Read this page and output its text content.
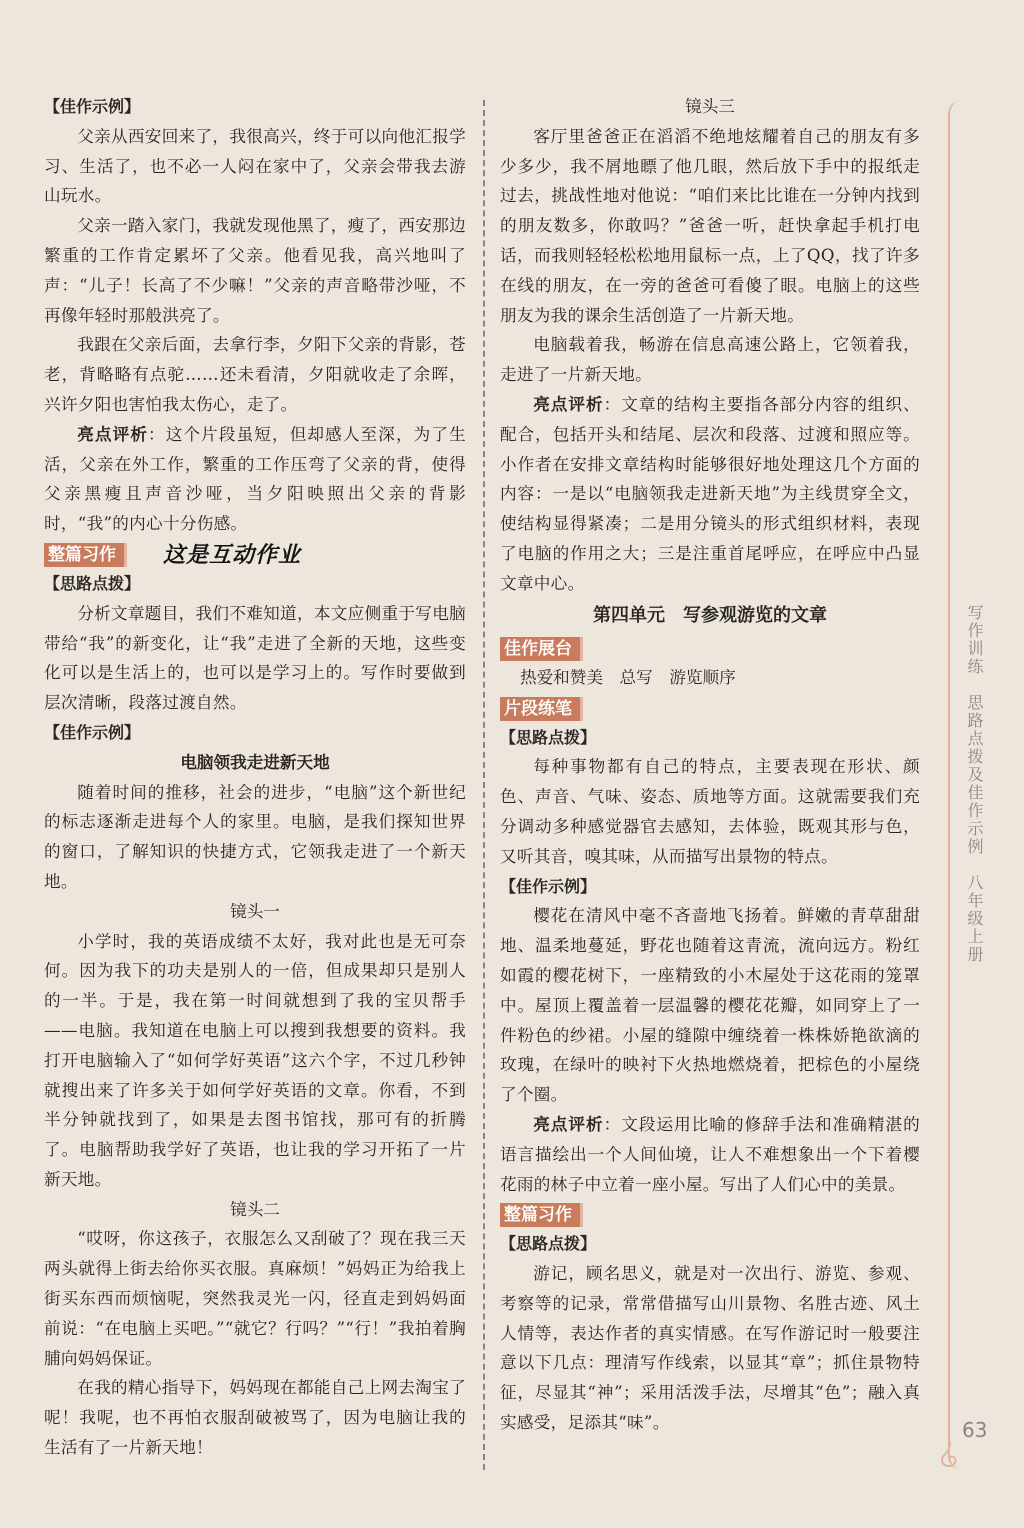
【佳作示例】

父亲从西安回来了，我很高兴，终于可以向他汇报学习、生活了，也不必一人闷在家中了，父亲会带我去游山玩水。

父亲一踏入家门，我就发现他黑了，瘦了，西安那边繁重的工作肯定累坏了父亲。他看见我，高兴地叫了声：“儿子！长高了不少嘛！”父亲的声音略带沙哑，不再像年轻时那般洪亮了。

我跟在父亲后面，去拿行李，夕阳下父亲的背影，苍老，背略略有点驼……还未看清，夕阳就收走了余晖，兴许夕阳也害怕我太伤心，走了。

亮点评析：这个片段虽短，但却感人至深，为了生活，父亲在外工作，繁重的工作压弯了父亲的背，使得父亲黑瘦且声音沙哑，当夕阳映照出父亲的背影时，“我”的内心十分伤感。

整篇习作	这是互动作业

【思路点拨】

分析文章题目，我们不难知道，本文应侧重于写电脑带给“我”的新变化，让“我”走进了全新的天地，这些变化可以是生活上的，也可以是学习上的。写作时要做到层次清晰，段落过渡自然。

【佳作示例】

电脑领我走进新天地

随着时间的推移，社会的进步，“电脑”这个新世纪的标志逐渐走进每个人的家里。电脑，是我们探知世界的窗口，了解知识的快捷方式，它领我走进了一个新天地。

镜头一

小学时，我的英语成绩不太好，我对此也是无可奈何。因为我下的功夫是别人的一倍，但成果却只是别人的一半。于是，我在第一时间就想到了我的宝贝帮手——电脑。我知道在电脑上可以搜到我想要的资料。我打开电脑输入了“如何学好英语”这六个字，不过几秒钟就搜出来了许多关于如何学好英语的文章。你看，不到半分钟就找到了，如果是去图书馆找，那可有的折腾了。电脑帮助我学好了英语，也让我的学习开拓了一片新天地。

镜头二

“哎呀，你这孩子，衣服怎么又刮破了？现在我三天两头就得上街去给你买衣服。真麻烦！”妈妈正为给我上街买东西而烦恼呢，突然我灵光一闪，径直走到妈妈面前说：“在电脑上买吧。”“就它？行吗？”“行！”我拍着胸脯向妈妈保证。

在我的精心指导下，妈妈现在都能自己上网去淘宝了呢！我呢，也不再怕衣服刮破被骂了，因为电脑让我的生活有了一片新天地！

镜头三

客厅里爸爸正在滔滔不绝地炫耀着自己的朋友有多少多少，我不屑地瞟了他几眼，然后放下手中的报纸走过去，挑战性地对他说：“咱们来比比谁在一分钟内找到的朋友数多，你敢吗？”爸爸一听，赶快拿起手机打电话，而我则轻轻松松地用鼠标一点，上了QQ，找了许多在线的朋友，在一旁的爸爸可看傻了眼。电脑上的这些朋友为我的课余生活创造了一片新天地。

电脑载着我，畅游在信息高速公路上，它领着我，走进了一片新天地。

亮点评析：文章的结构主要指各部分内容的组织、配合，包括开头和结尾、层次和段落、过渡和照应等。小作者在安排文章结构时能够很好地处理这几个方面的内容：一是以“电脑领我走进新天地”为主线贯穿全文，使结构显得紧凑；二是用分镜头的形式组织材料，表现了电脑的作用之大；三是注重首尾呼应，在呼应中凸显文章中心。

第四单元　写参观游览的文章

佳作展台

热爱和赞美　总写　游览顺序

片段练笔

【思路点拨】

每种事物都有自己的特点，主要表现在形状、颜色、声音、气味、姿态、质地等方面。这就需要我们充分调动多种感觉器官去感知，去体验，既观其形与色，又听其音，嗅其味，从而描写出景物的特点。

【佳作示例】

樱花在清风中毫不吝啬地飞扬着。鲜嫩的青草甜甜地、温柔地蔓延，野花也随着这青流，流向远方。粉红如霞的樱花树下，一座精致的小木屋处于这花雨的笼罩中。屋顶上覆盖着一层温馨的樱花花瓣，如同穿上了一件粉色的纱裙。小屋的缝隙中缠绕着一株株娇艳欲滴的玫瑰，在绿叶的映衬下火热地燃烧着，把棕色的小屋绕了个圈。

亮点评析：文段运用比喻的修辞手法和准确精湛的语言描绘出一个人间仙境，让人不难想象出一个下着樱花雨的林子中立着一座小屋。写出了人们心中的美景。

整篇习作

【思路点拨】

游记，顾名思义，就是对一次出行、游览、参观、考察等的记录，常常借描写山川景物、名胜古迹、风土人情等，表达作者的真实情感。在写作游记时一般要注意以下几点：理清写作线索，以显其“章”；抓住景物特征，尽显其“神”；采用活泼手法，尽增其“色”；融入真实感受，足添其“味”。

写作训练　思路点拨及佳作示例　八年级上册
63
